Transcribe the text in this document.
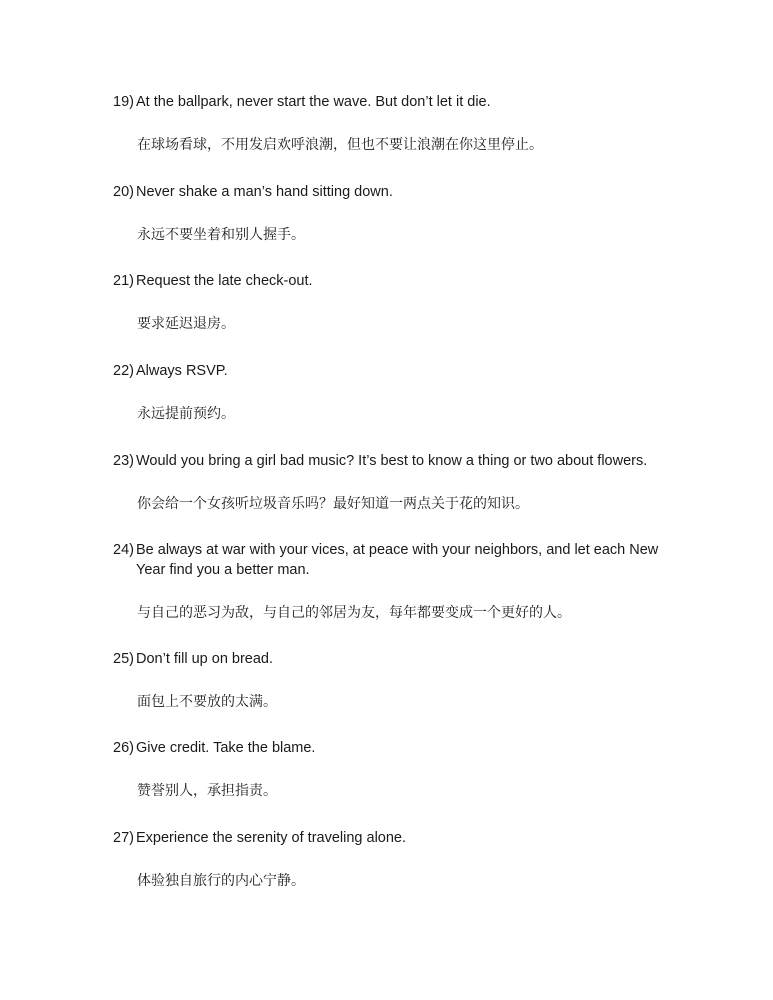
19) At the ballpark, never start the wave. But don’t let it die.
在球场看球，不用发启欢呼浪潮，但也不要让浪潮在你这里停止。
20) Never shake a man’s hand sitting down.
永远不要坐着和别人握手。
21) Request the late check-out.
要求延迟退房。
22) Always RSVP.
永远提前预约。
23) Would you bring a girl bad music? It’s best to know a thing or two about flowers.
你会给一个女孩听垃圾音乐吗？最好知道一两点关于花的知识。
24) Be always at war with your vices, at peace with your neighbors, and let each New Year find you a better man.
与自己的恶习为敌，与自己的邻居为友，每年都要变成一个更好的人。
25) Don’t fill up on bread.
面包上不要放的太满。
26) Give credit. Take the blame.
赞誉别人，承担指责。
27) Experience the serenity of traveling alone.
体验独自旅行的内心宁静。
